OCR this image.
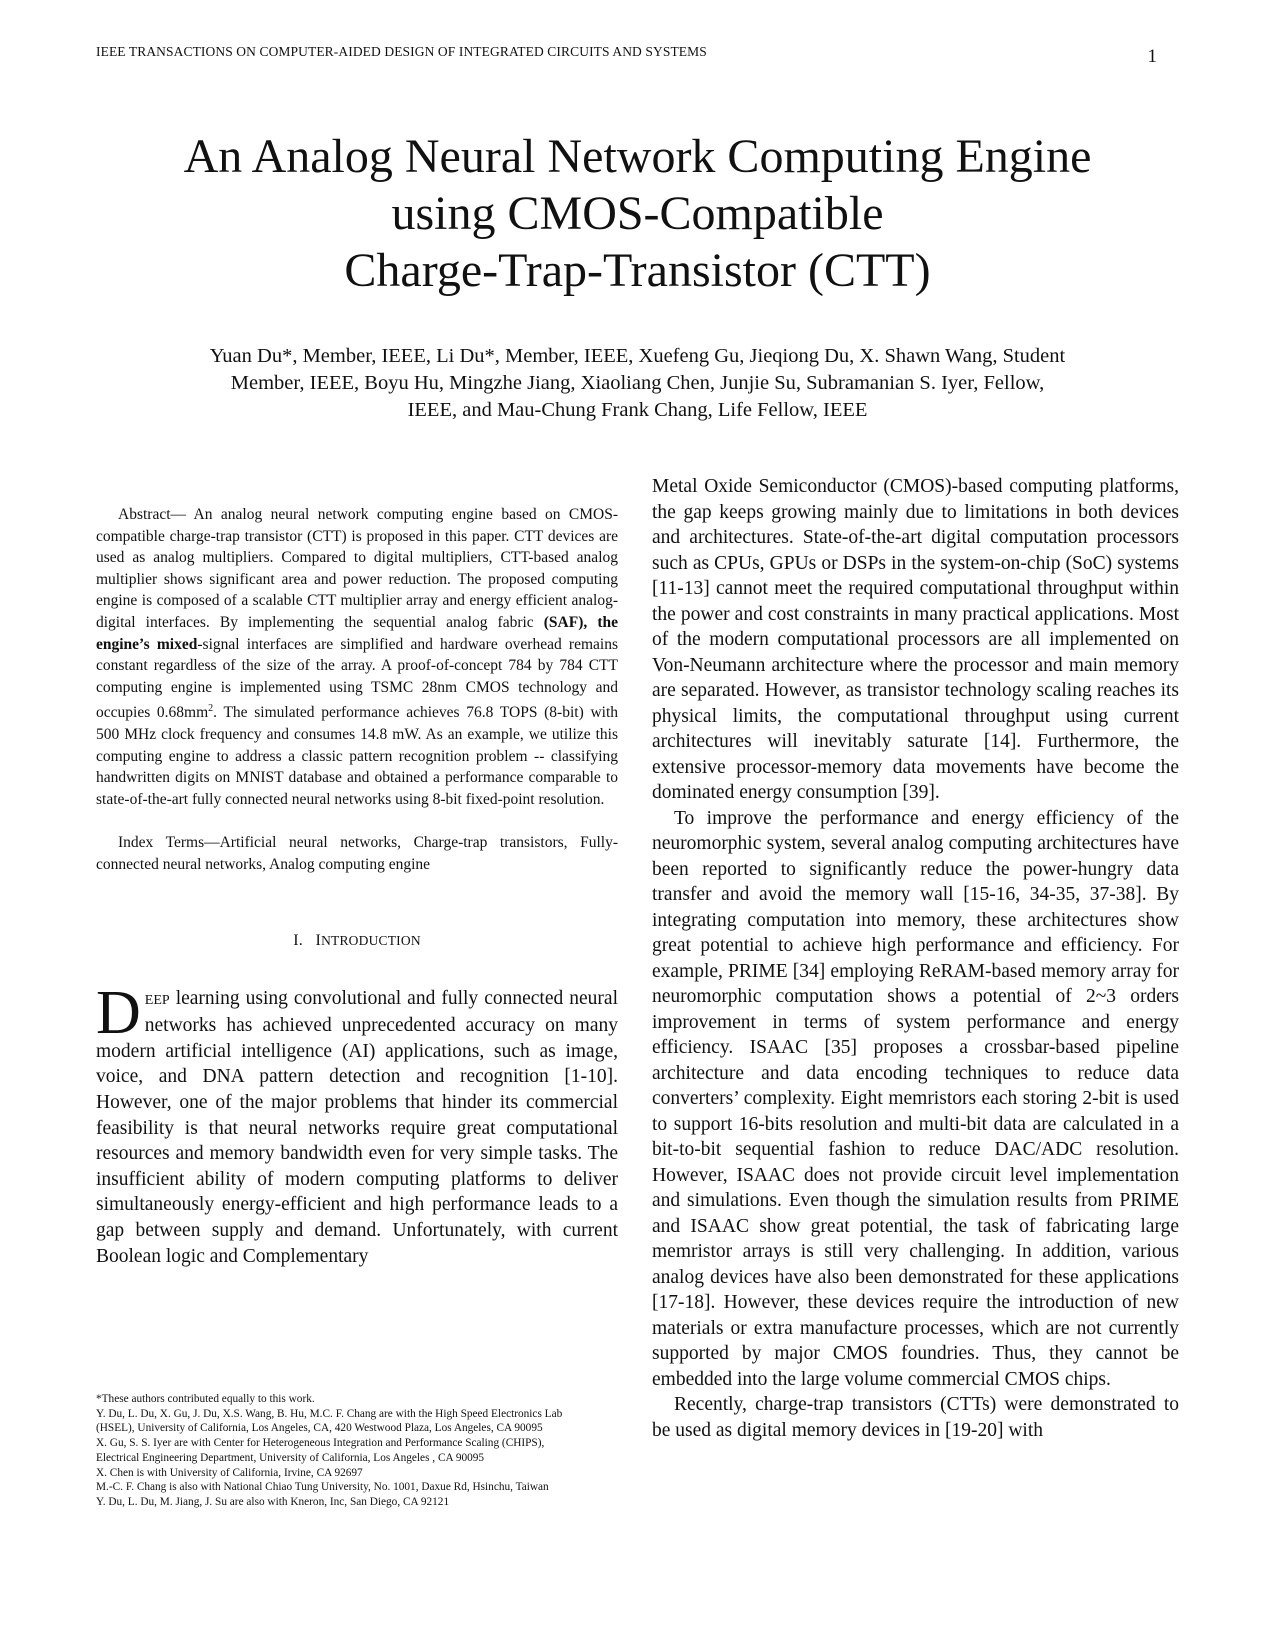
IEEE TRANSACTIONS ON COMPUTER-AIDED DESIGN OF INTEGRATED CIRCUITS AND SYSTEMS	1
An Analog Neural Network Computing Engine
using CMOS-Compatible
Charge-Trap-Transistor (CTT)
Yuan Du*, Member, IEEE, Li Du*, Member, IEEE, Xuefeng Gu, Jieqiong Du, X. Shawn Wang, Student
Member, IEEE, Boyu Hu, Mingzhe Jiang, Xiaoliang Chen, Junjie Su, Subramanian S. Iyer, Fellow,
IEEE, and Mau-Chung Frank Chang, Life Fellow, IEEE

Abstract— An analog neural network computing engine based on CMOS-compatible charge-trap transistor (CTT) is proposed in this paper. CTT devices are used as analog multipliers. Compared to digital multipliers, CTT-based analog multiplier shows significant area and power reduction. The proposed computing engine is composed of a scalable CTT multiplier array and energy efficient analog-digital interfaces. By implementing the sequential analog fabric (SAF), the engine’s mixed-signal interfaces are simplified and hardware overhead remains constant regardless of the size of the array. A proof-of-concept 784 by 784 CTT computing engine is implemented using TSMC 28nm CMOS technology and occupies $0.68mm^2$. The simulated performance achieves 76.8 TOPS (8-bit) with 500 MHz clock frequency and consumes 14.8 mW. As an example, we utilize this computing engine to address a classic pattern recognition problem -- classifying handwritten digits on MNIST database and obtained a performance comparable to state-of-the-art fully connected neural networks using 8-bit fixed-point resolution.

Index Terms—Artificial neural networks, Charge-trap transistors, Fully-connected neural networks, Analog computing engine

I. INTRODUCTION
DEEP learning using convolutional and fully connected neural networks has achieved unprecedented accuracy on many modern artificial intelligence (AI) applications, such as image, voice, and DNA pattern detection and recognition [1-10]. However, one of the major problems that hinder its commercial feasibility is that neural networks require great computational resources and memory bandwidth even for very simple tasks. The insufficient ability of modern computing platforms to deliver simultaneously energy-efficient and high performance leads to a gap between supply and demand. Unfortunately, with current Boolean logic and Complementary

Metal Oxide Semiconductor (CMOS)-based computing platforms, the gap keeps growing mainly due to limitations in both devices and architectures. State-of-the-art digital computation processors such as CPUs, GPUs or DSPs in the system-on-chip (SoC) systems [11-13] cannot meet the required computational throughput within the power and cost constraints in many practical applications. Most of the modern computational processors are all implemented on Von-Neumann architecture where the processor and main memory are separated. However, as transistor technology scaling reaches its physical limits, the computational throughput using current architectures will inevitably saturate [14]. Furthermore, the extensive processor-memory data movements have become the dominated energy consumption [39].

To improve the performance and energy efficiency of the neuromorphic system, several analog computing architectures have been reported to significantly reduce the power-hungry data transfer and avoid the memory wall [15-16, 34-35, 37-38]. By integrating computation into memory, these architectures show great potential to achieve high performance and efficiency. For example, PRIME [34] employing ReRAM-based memory array for neuromorphic computation shows a potential of 2~3 orders improvement in terms of system performance and energy efficiency. ISAAC [35] proposes a crossbar-based pipeline architecture and data encoding techniques to reduce data converters’ complexity. Eight memristors each storing 2-bit is used to support 16-bits resolution and multi-bit data are calculated in a bit-to-bit sequential fashion to reduce DAC/ADC resolution. However, ISAAC does not provide circuit level implementation and simulations. Even though the simulation results from PRIME and ISAAC show great potential, the task of fabricating large memristor arrays is still very challenging. In addition, various analog devices have also been demonstrated for these applications [17-18]. However, these devices require the introduction of new materials or extra manufacture processes, which are not currently supported by major CMOS foundries. Thus, they cannot be embedded into the large volume commercial CMOS chips.

Recently, charge-trap transistors (CTTs) were demonstrated to be used as digital memory devices in [19-20] with

*These authors contributed equally to this work.
Y. Du, L. Du, X. Gu, J. Du, X.S. Wang, B. Hu, M.C. F. Chang are with the High Speed Electronics Lab
(HSEL), University of California, Los Angeles, CA, 420 Westwood Plaza, Los Angeles, CA 90095
X. Gu, S. S. Iyer are with Center for Heterogeneous Integration and Performance Scaling (CHIPS),
Electrical Engineering Department, University of California, Los Angeles , CA 90095
X. Chen is with University of California, Irvine, CA 92697
M.-C. F. Chang is also with National Chiao Tung University, No. 1001, Daxue Rd, Hsinchu, Taiwan
Y. Du, L. Du, M. Jiang, J. Su are also with Kneron, Inc, San Diego, CA 92121
